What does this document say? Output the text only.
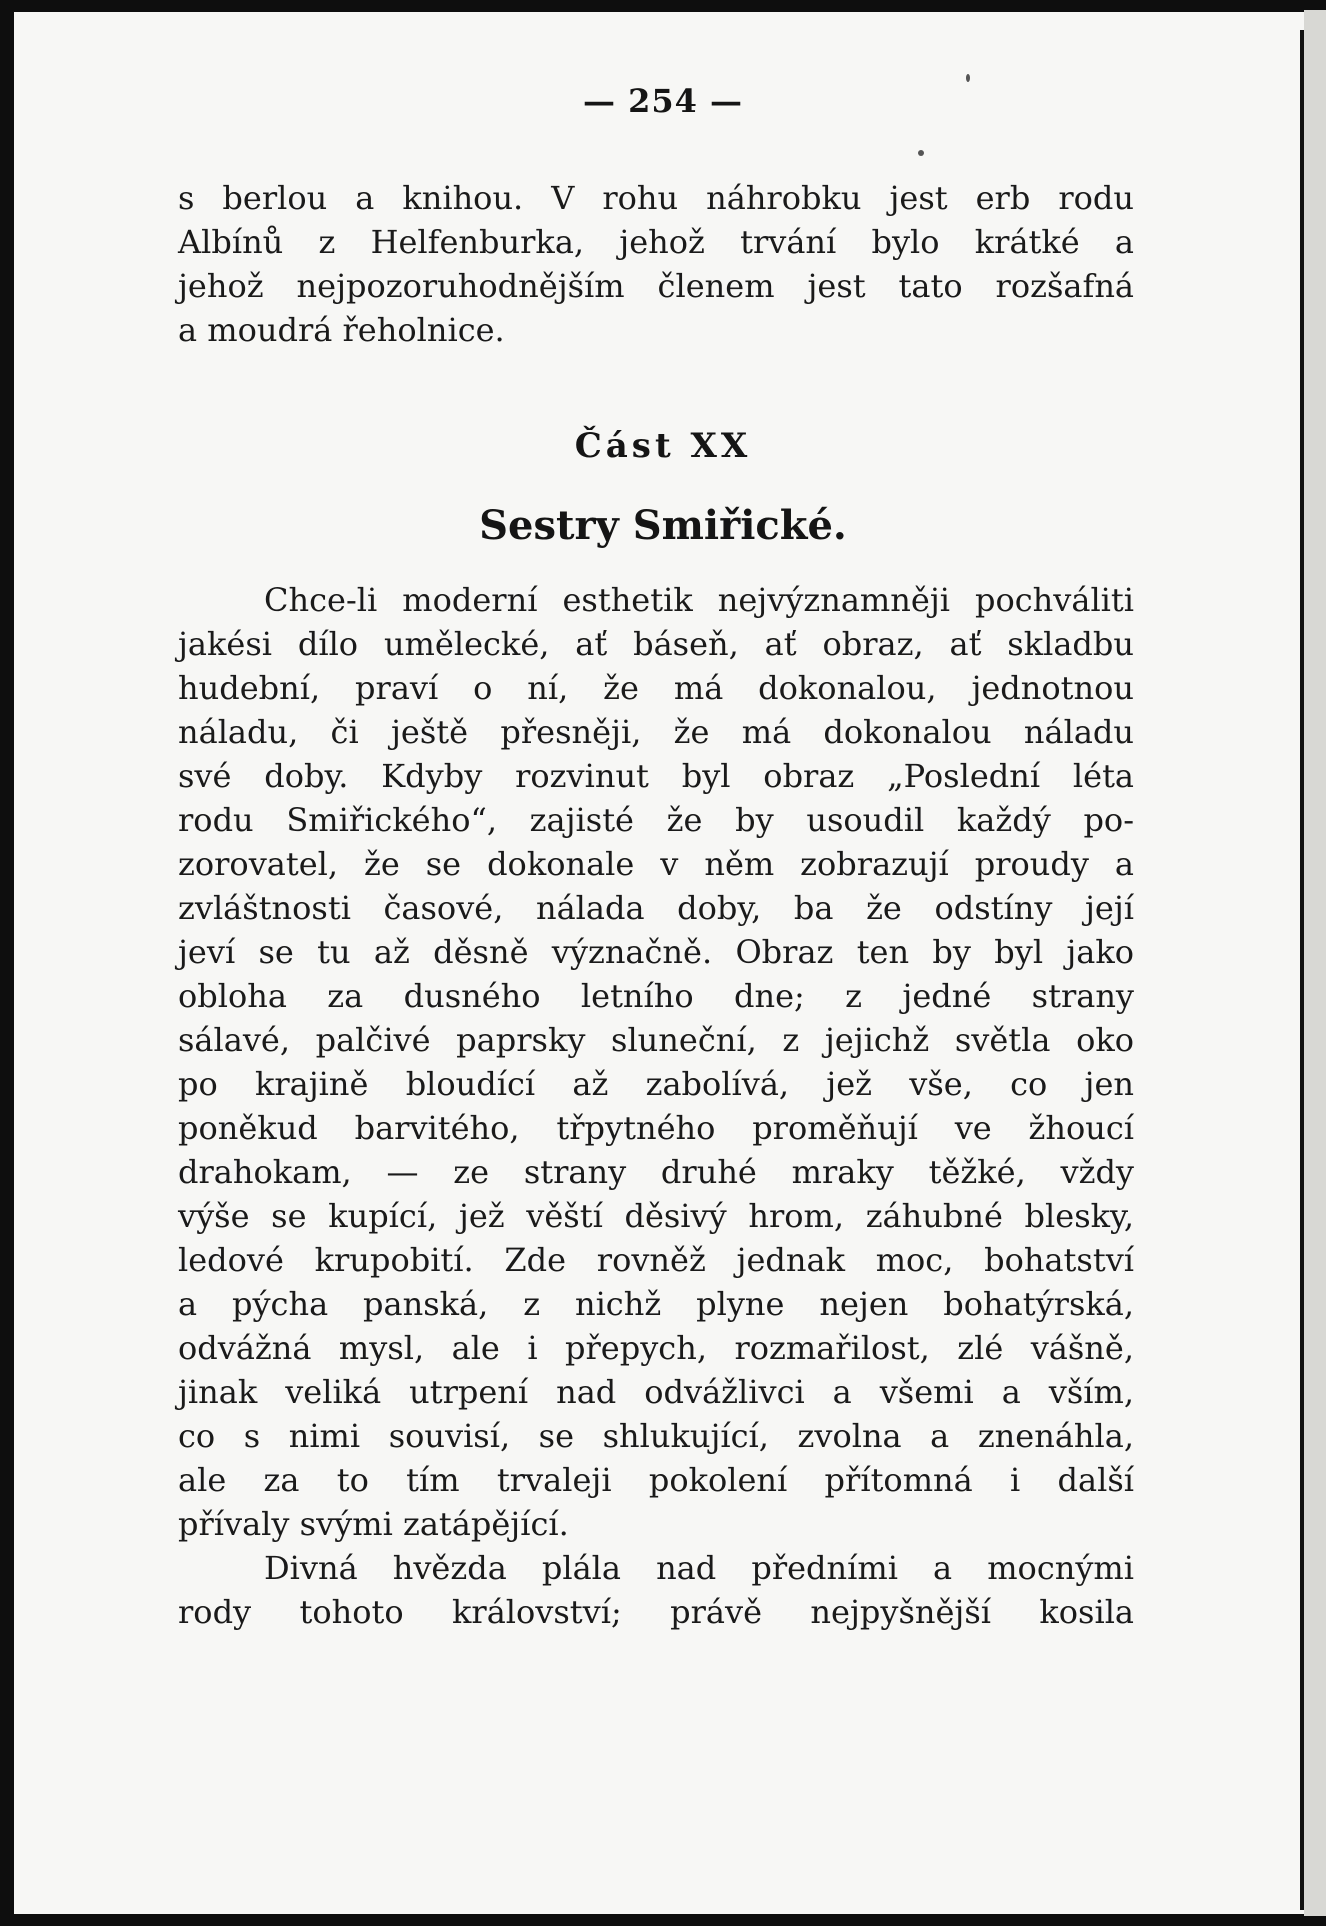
— 254 —
s berlou a knihou. V rohu náhrobku jest erb rodu
Albínů z Helfenburka, jehož trvání bylo krátké a
jehož nejpozoruhodnějším členem jest tato rozšafná
a moudrá řeholnice.
Část XX
Sestry Smiřické.
Chce-li moderní esthetik nejvýznamněji pochváliti
jakési dílo umělecké, ať báseň, ať obraz, ať skladbu
hudební, praví o ní, že má dokonalou, jednotnou
náladu, či ještě přesněji, že má dokonalou náladu
své doby. Kdyby rozvinut byl obraz „Poslední léta
rodu Smiřického“, zajisté že by usoudil každý po-
zorovatel, že se dokonale v něm zobrazují proudy a
zvláštnosti časové, nálada doby, ba že odstíny její
jeví se tu až děsně význačně. Obraz ten by byl jako
obloha za dusného letního dne; z jedné strany
sálavé, palčivé paprsky sluneční, z jejichž světla oko
po krajině bloudící až zabolívá, jež vše, co jen
poněkud barvitého, třpytného proměňují ve žhoucí
drahokam, — ze strany druhé mraky těžké, vždy
výše se kupící, jež věští děsivý hrom, záhubné blesky,
ledové krupobití. Zde rovněž jednak moc, bohatství
a pýcha panská, z nichž plyne nejen bohatýrská,
odvážná mysl, ale i přepych, rozmařilost, zlé vášně,
jinak veliká utrpení nad odvážlivci a všemi a vším,
co s nimi souvisí, se shlukující, zvolna a znenáhla,
ale za to tím trvaleji pokolení přítomná i další
přívaly svými zatápějící.
Divná hvězda plála nad předními a mocnými
rody tohoto království; právě nejpyšnější kosila
